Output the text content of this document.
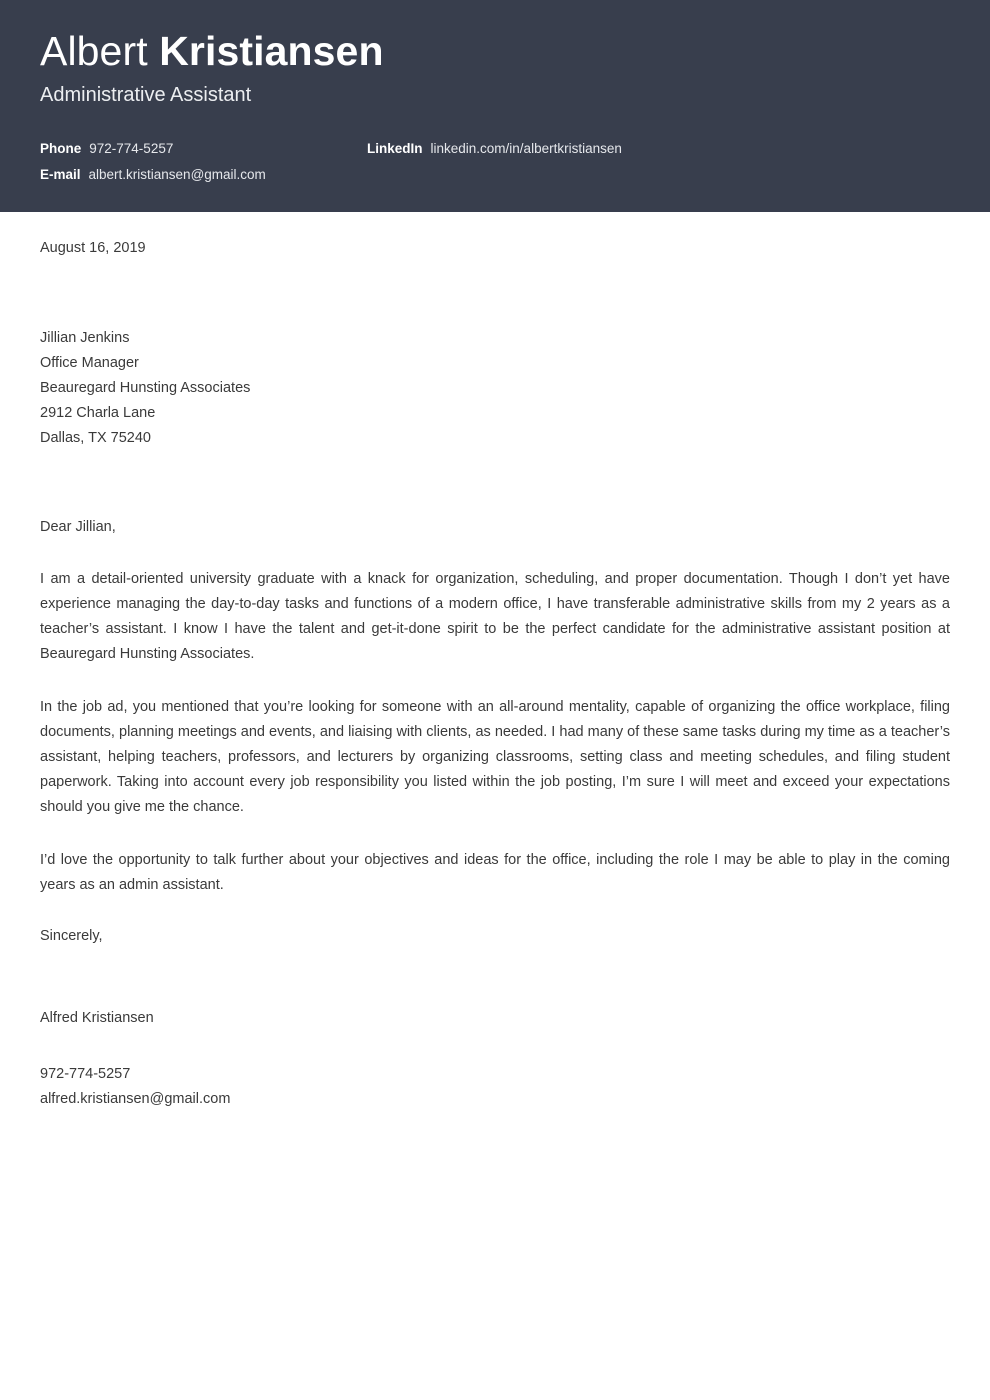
Albert Kristiansen
Administrative Assistant
Phone 972-774-5257	LinkedIn linkedin.com/in/albertkristiansen
E-mail albert.kristiansen@gmail.com
August 16, 2019
Jillian Jenkins
Office Manager
Beauregard Hunsting Associates
2912 Charla Lane
Dallas, TX 75240
Dear Jillian,
I am a detail-oriented university graduate with a knack for organization, scheduling, and proper documentation. Though I don’t yet have experience managing the day-to-day tasks and functions of a modern office, I have transferable administrative skills from my 2 years as a teacher’s assistant. I know I have the talent and get-it-done spirit to be the perfect candidate for the administrative assistant position at Beauregard Hunsting Associates.
In the job ad, you mentioned that you’re looking for someone with an all-around mentality, capable of organizing the office workplace, filing documents, planning meetings and events, and liaising with clients, as needed. I had many of these same tasks during my time as a teacher’s assistant, helping teachers, professors, and lecturers by organizing classrooms, setting class and meeting schedules, and filing student paperwork. Taking into account every job responsibility you listed within the job posting, I’m sure I will meet and exceed your expectations should you give me the chance.
I’d love the opportunity to talk further about your objectives and ideas for the office, including the role I may be able to play in the coming years as an admin assistant.
Sincerely,
Alfred Kristiansen
972-774-5257
alfred.kristiansen@gmail.com
